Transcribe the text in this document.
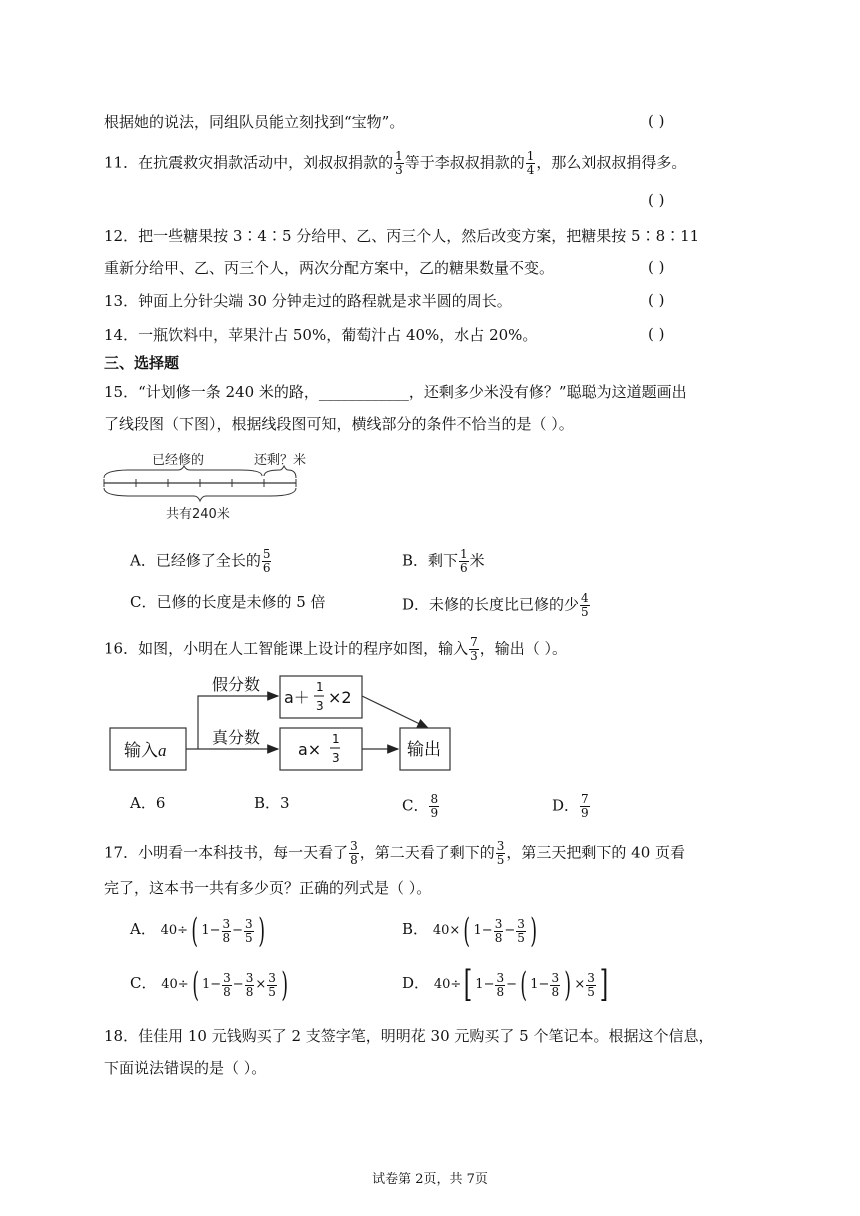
根据她的说法，同组队员能立刻找到“宝物”。	( )
11．在抗震救灾捐款活动中，刘叔叔捐款的 $\frac{1}{3}$ 等于李叔叔捐款的 $\frac{1}{4}$ ，那么刘叔叔捐得多。
( )
12．把一些糖果按 3∶4∶5 分给甲、乙、丙三个人，然后改变方案，把糖果按 5∶8∶11
重新分给甲、乙、丙三个人，两次分配方案中，乙的糖果数量不变。	( )
13．钟面上分针尖端 30 分钟走过的路程就是求半圆的周长。	( )
14．一瓶饮料中，苹果汁占 50%，葡萄汁占 40%，水占 20%。	( )
三、选择题
15．“计划修一条 240 米的路，____________，还剩多少米没有修？”聪聪为这道题画出
了线段图（下图），根据线段图可知，横线部分的条件不恰当的是（ ）。
已经修的	还剩？米
共有240米
A．已经修了全长的 $\frac{5}{6}$	B．剩下 $\frac{1}{6}$ 米
C．已修的长度是未修的 5 倍	D．未修的长度比已修的少 $\frac{4}{5}$
16．如图，小明在人工智能课上设计的程序如图，输入 $\frac{7}{3}$ ，输出（ ）。
输入a
假分数
真分数
a＋
1
3 ×2
a×
1
3	输出
A．6	B．3	C． $\frac{8}{9}$	D． $\frac{7}{9}$
17．小明看一本科技书，每一天看了 $\frac{3}{8}$ ，第二天看了剩下的 $\frac{3}{5}$ ，第三天把剩下的 40 页看
完了，这本书一共有多少页？正确的列式是（ ）。
A． 40÷ ( $1- \frac{3}{8} - \frac{3}{5}$ )	B． 40× ( $1- \frac{3}{8} - \frac{3}{5}$ )
C． 40÷ ( $1- \frac{3}{8} - \frac{3}{8} \times \frac{3}{5}$ )	D． 40÷ [ $1- \frac{3}{8}$ − ( $1- \frac{3}{8}$ ) × $\frac{3}{5}$ ]
18．佳佳用 10 元钱购买了 2 支签字笔，明明花 30 元购买了 5 个笔记本。根据这个信息，
下面说法错误的是（ ）。
试卷第 2页，共 7页
